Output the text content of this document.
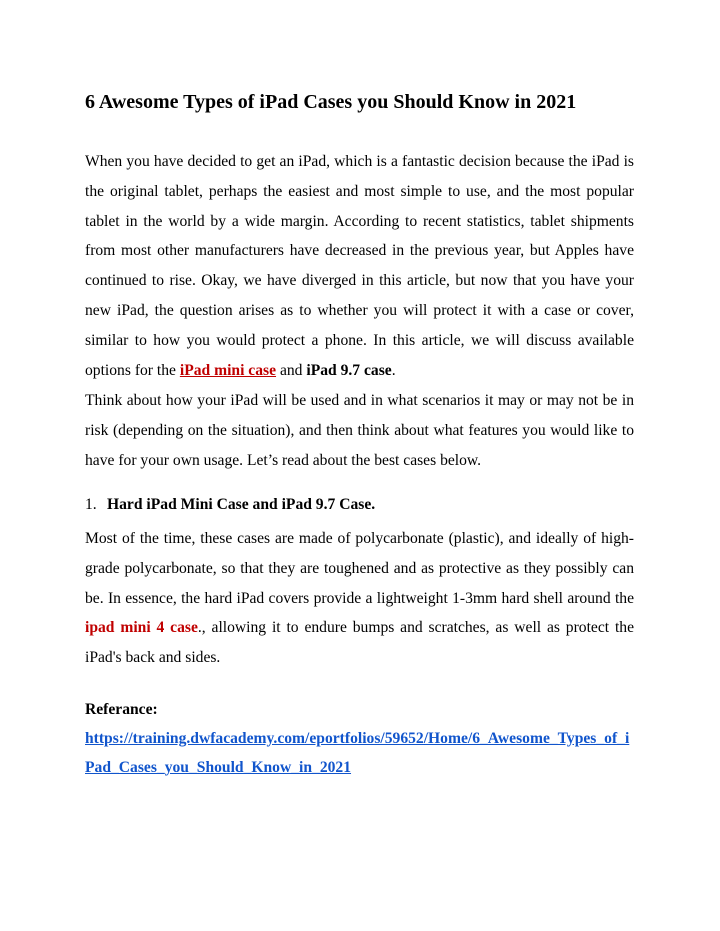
6 Awesome Types of iPad Cases you Should Know in 2021

When you have decided to get an iPad, which is a fantastic decision because the iPad is the original tablet, perhaps the easiest and most simple to use, and the most popular tablet in the world by a wide margin. According to recent statistics, tablet shipments from most other manufacturers have decreased in the previous year, but Apples have continued to rise. Okay, we have diverged in this article, but now that you have your new iPad, the question arises as to whether you will protect it with a case or cover, similar to how you would protect a phone. In this article, we will discuss available options for the iPad mini case and iPad 9.7 case.

Think about how your iPad will be used and in what scenarios it may or may not be in risk (depending on the situation), and then think about what features you would like to have for your own usage. Let’s read about the best cases below.

1. Hard iPad Mini Case and iPad 9.7 Case.

Most of the time, these cases are made of polycarbonate (plastic), and ideally of high-grade polycarbonate, so that they are toughened and as protective as they possibly can be. In essence, the hard iPad covers provide a lightweight 1-3mm hard shell around the ipad mini 4 case., allowing it to endure bumps and scratches, as well as protect the iPad's back and sides.

Referance:
https://training.dwfacademy.com/eportfolios/59652/Home/6_Awesome_Types_of_iPad_Cases_you_Should_Know_in_2021
